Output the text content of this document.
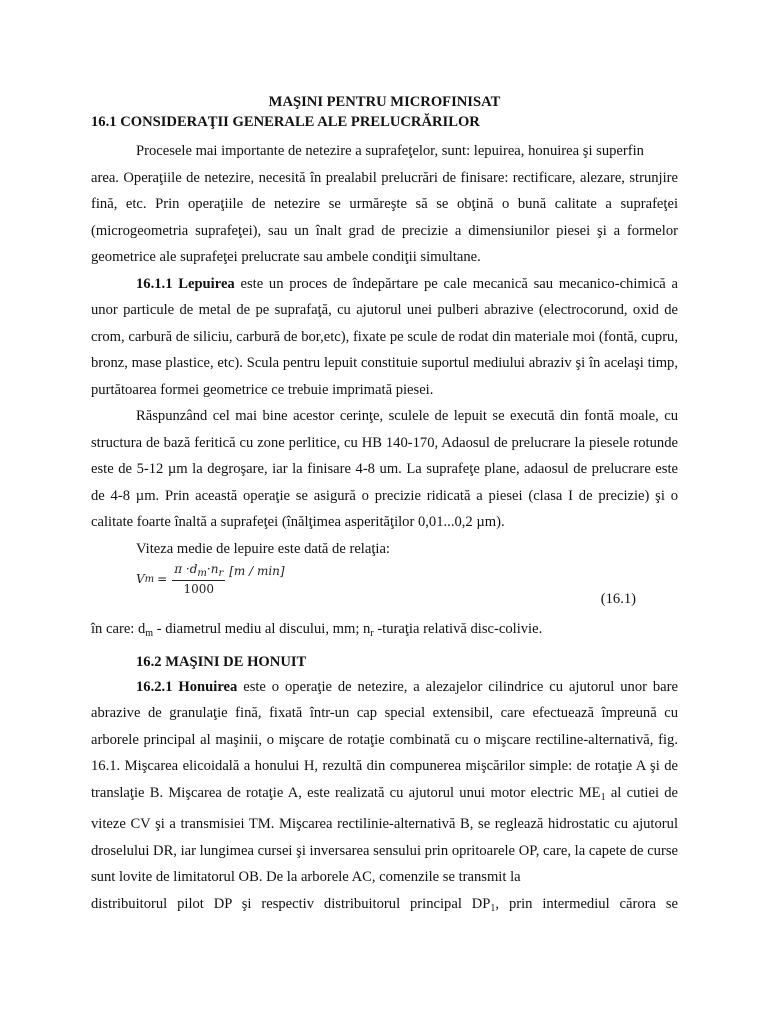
MAŞINI PENTRU MICROFINISAT

16.1 CONSIDERAŢII GENERALE ALE PRELUCRĂRILOR

Procesele mai importante de netezire a suprafeţelor, sunt: lepuirea, honuirea şi superfin

area. Operaţiile de netezire, necesită în prealabil prelucrări de finisare: rectificare, alezare, strunjire fină, etc. Prin operaţiile de netezire se urmăreşte să se obţină o bună calitate a suprafeţei (microgeometria suprafeţei), sau un înalt grad de precizie a dimensiunilor piesei şi a formelor geometrice ale suprafeţei prelucrate sau ambele condiţii simultane.

16.1.1 Lepuirea este un proces de îndepărtare pe cale mecanică sau mecanico-chimică a unor particule de metal de pe suprafaţă, cu ajutorul unei pulberi abrazive (electrocorund, oxid de crom, carbură de siliciu, carbură de bor,etc), fixate pe scule de rodat din materiale moi (fontă, cupru, bronz, mase plastice, etc). Scula pentru lepuit constituie suportul mediului abraziv şi în acelaşi timp, purtătoarea formei geometrice ce trebuie imprimată piesei.

Răspunzând cel mai bine acestor cerinţe, sculele de lepuit se execută din fontă moale, cu structura de bază feritică cu zone perlitice, cu HB 140-170, Adaosul de prelucrare la piesele rotunde este de 5-12 µm la degroşare, iar la finisare 4-8 um. La suprafeţe plane, adaosul de prelucrare este de 4-8 µm. Prin această operaţie se asigură o precizie ridicată a piesei (clasa I de precizie) şi o calitate foarte înaltă a suprafeţei (înălţimea asperităţilor 0,01...0,2 µm).

Viteza medie de lepuire este dată de relaţia:

V $m = \frac{\pi \cdot d_m\cdot n_r}{1000} [m / \min]$
(16.1)

în care: $d_m$ - diametrul mediu al discului, mm; $n_r$ -turaţia relativă disc-colivie.

16.2 MAŞINI DE HONUIT

16.2.1 Honuirea este o operaţie de netezire, a alezajelor cilindrice cu ajutorul unor bare abrazive de granulaţie fină, fixată într-un cap special extensibil, care efectuează împreună cu arborele principal al maşinii, o mişcare de rotaţie combinată cu o mişcare rectiline-alternativă, fig. 16.1. Mişcarea elicoidală a honului H, rezultă din compunerea mişcărilor simple: de rotaţie A şi de translaţie B. Mişcarea de rotaţie A, este realizată cu ajutorul unui motor electric $ME_1$ al cutiei de viteze CV şi a transmisiei TM. Mişcarea rectilinie-alternativă B, se reglează hidrostatic cu ajutorul droselului DR, iar lungimea cursei şi inversarea sensului prin opritoarele OP, care, la capete de curse sunt lovite de limitatorul OB. De la arborele AC, comenzile se transmit la

distribuitorul pilot DP şi respectiv distribuitorul principal $DP_1$, prin intermediul cărora se
